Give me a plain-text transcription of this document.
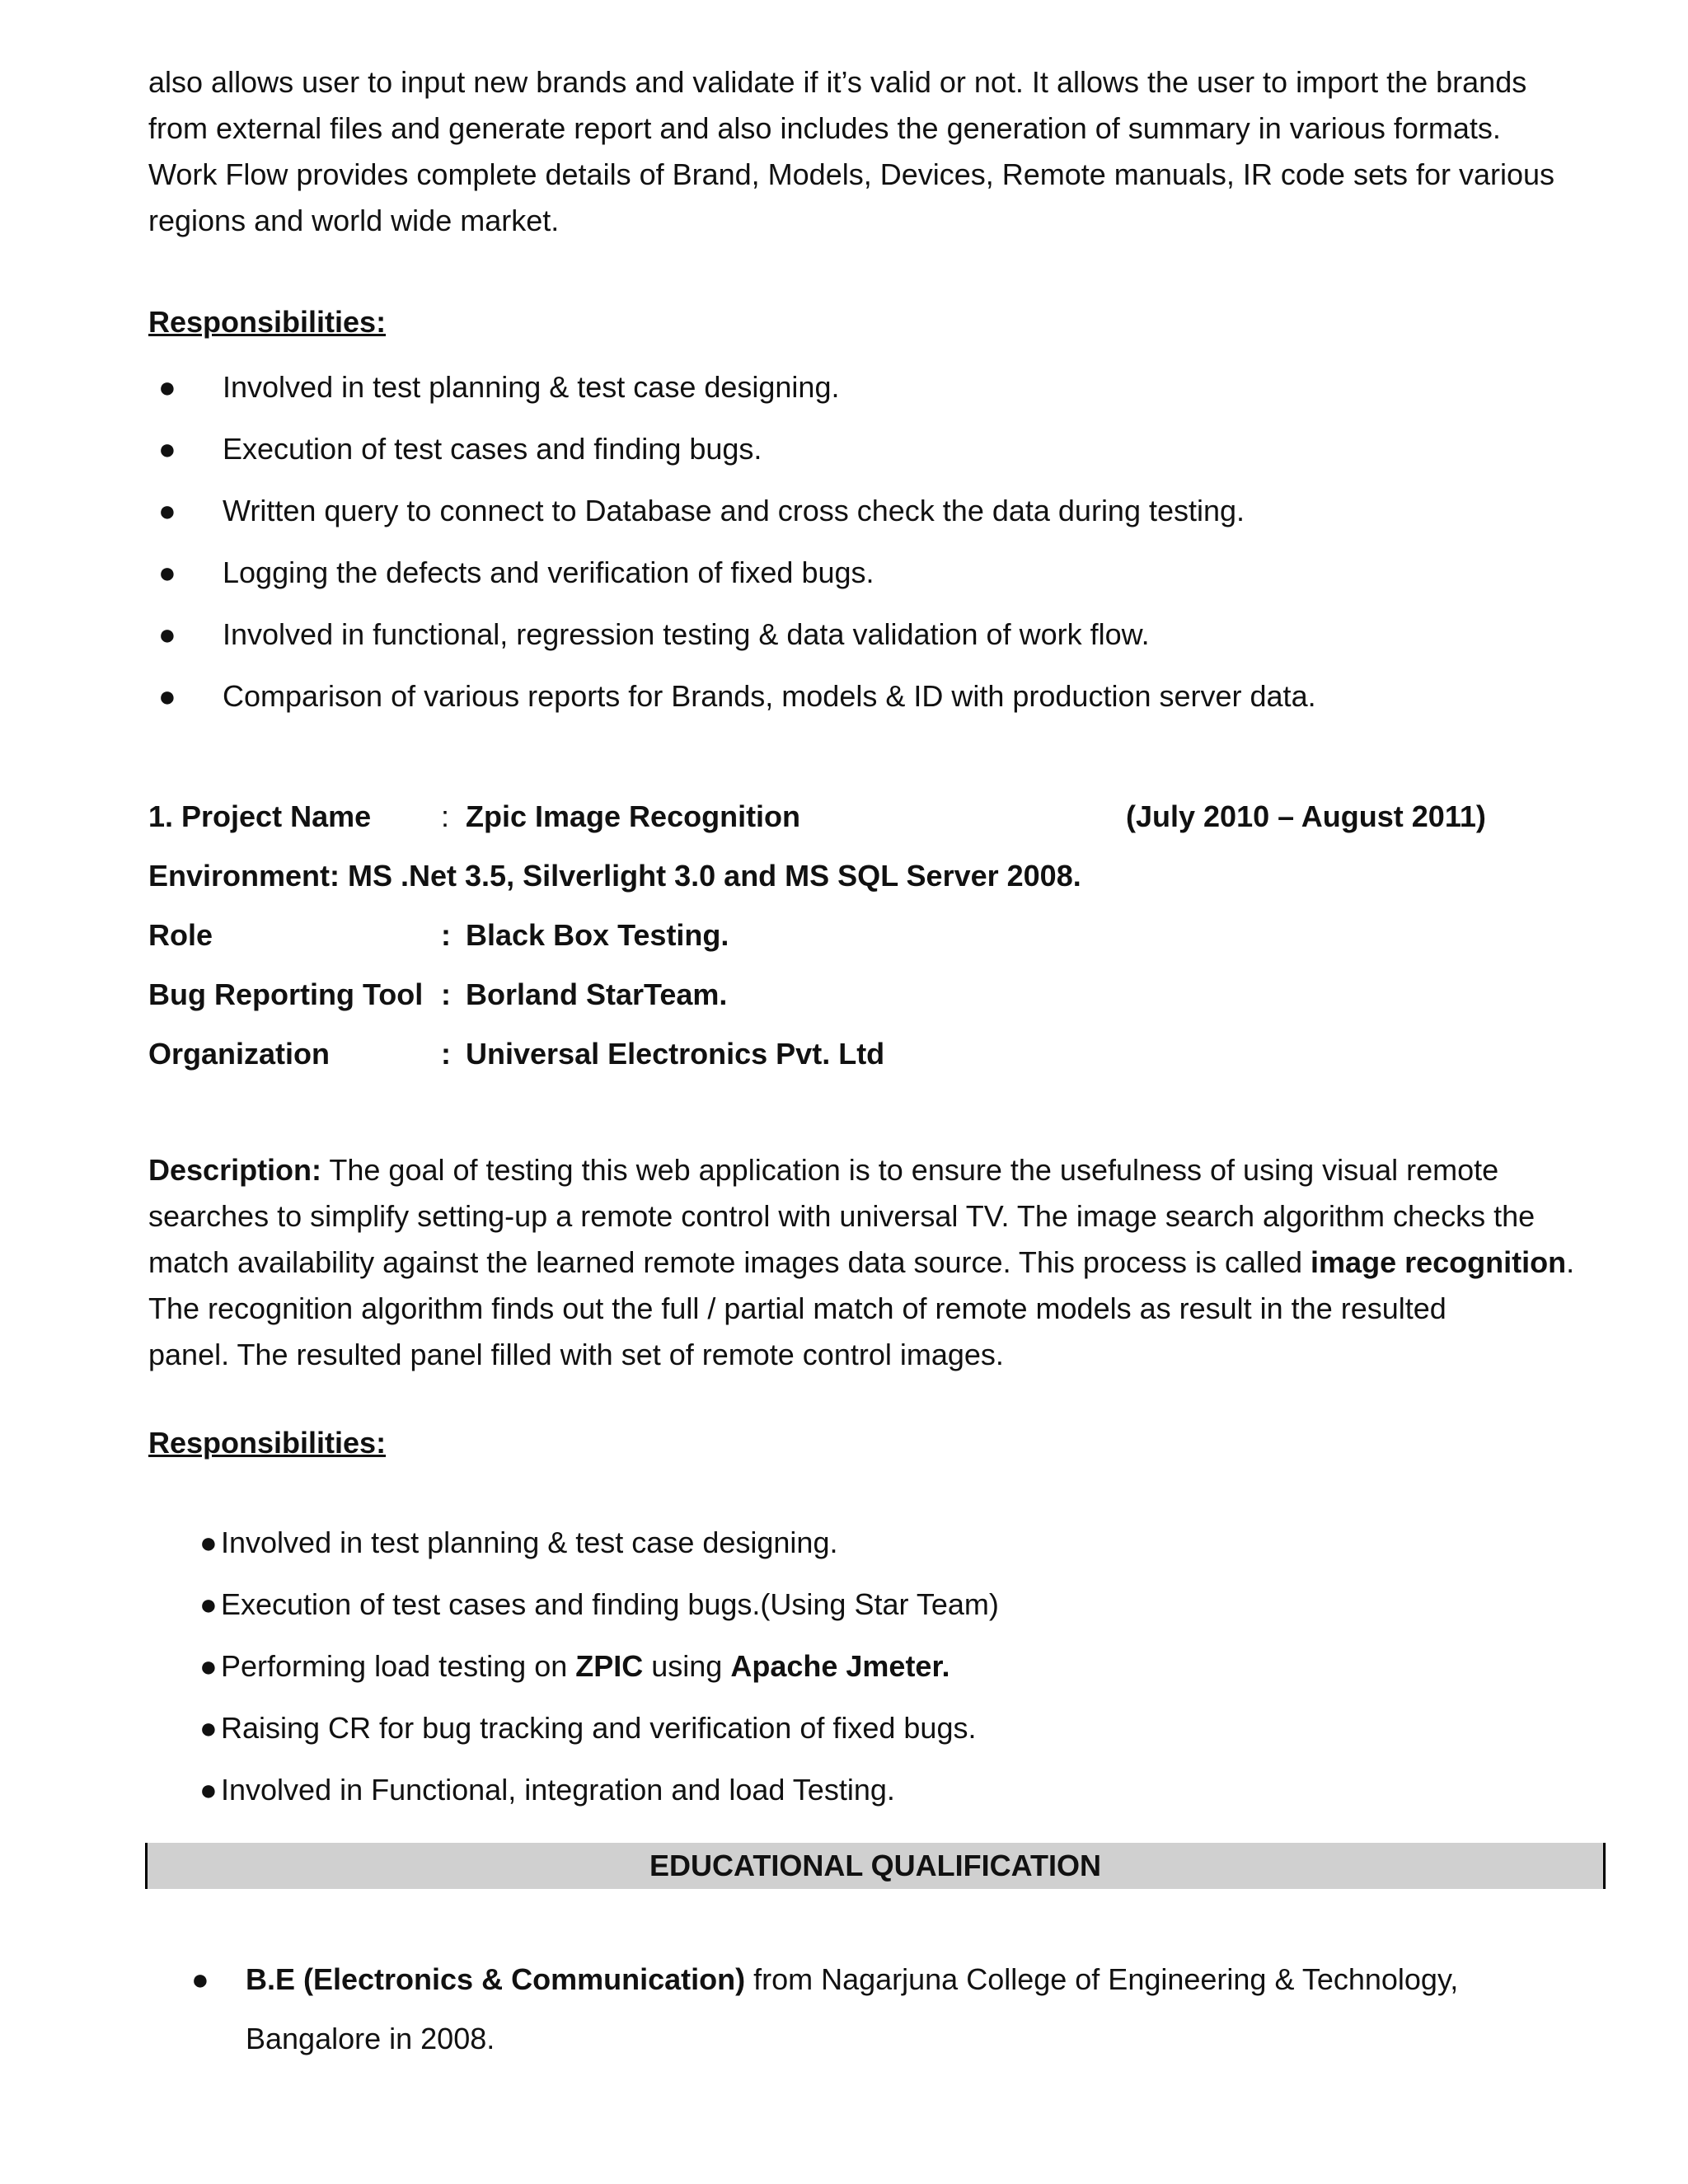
also allows user to input new brands and validate if it’s valid or not. It allows the user to import the brands

from external files and generate report and also includes the generation of summary in various formats.

Work Flow provides complete details of Brand, Models, Devices, Remote manuals, IR code sets for various

regions and world wide market.

Responsibilities:

● Involved in test planning & test case designing.
● Execution of test cases and finding bugs.
● Written query to connect to Database and cross check the data during testing.
● Logging the defects and verification of fixed bugs.
● Involved in functional, regression testing & data validation of work flow.
● Comparison of various reports for Brands, models & ID with production server data.
1. Project Name : Zpic Image Recognition	(July 2010 – August 2011)
Environment: MS .Net 3.5, Silverlight 3.0 and MS SQL Server 2008.
Role	: Black Box Testing.
Bug Reporting Tool : Borland StarTeam.
Organization	: Universal Electronics Pvt. Ltd

Description: The goal of testing this web application is to ensure the usefulness of using visual remote

searches to simplify setting-up a remote control with universal TV. The image search algorithm checks the

match availability against the learned remote images data source. This process is called image recognition.

The recognition algorithm finds out the full / partial match of remote models as result in the resulted

panel. The resulted panel filled with set of remote control images.

Responsibilities:

● Involved in test planning & test case designing.
● Execution of test cases and finding bugs.(Using Star Team)
● Performing load testing on ZPIC using Apache Jmeter.
● Raising CR for bug tracking and verification of fixed bugs.
● Involved in Functional, integration and load Testing.
EDUCATIONAL QUALIFICATION
●	B.E (Electronics & Communication) from Nagarjuna College of Engineering & Technology,

Bangalore in 2008.
